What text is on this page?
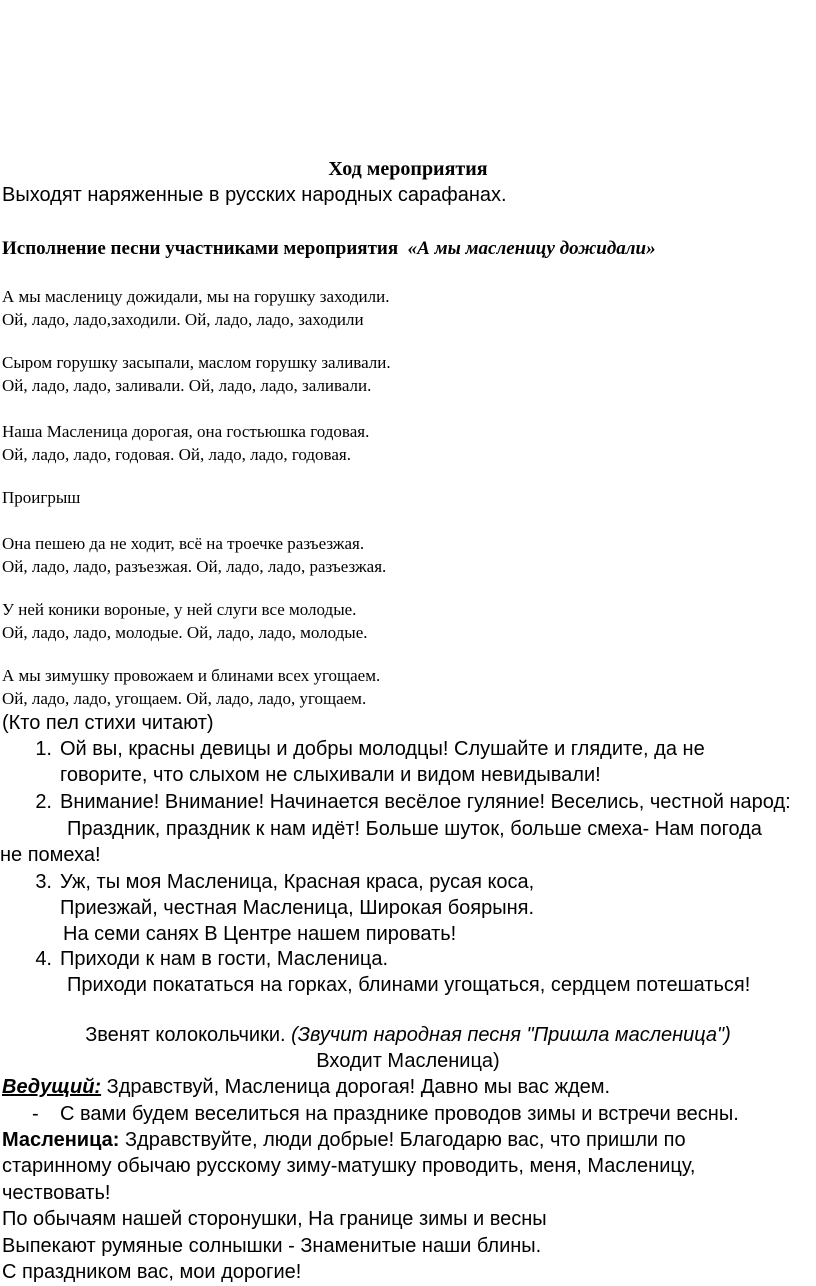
Ход мероприятия
Выходят наряженные в русских народных сарафанах.
Исполнение песни участниками мероприятия «А мы масленицу дожидали»
А мы масленицу дожидали, мы на горушку заходили.
Ой, ладо, ладо,заходили. Ой, ладо, ладо, заходили
Сыром горушку засыпали, маслом горушку заливали.
Ой, ладо, ладо, заливали. Ой, ладо, ладо, заливали.
Наша Масленица дорогая, она гостьюшка годовая.
Ой, ладо, ладо, годовая. Ой, ладо, ладо, годовая.
Проигрыш
Она пешею да не ходит, всё на троечке разъезжая.
Ой, ладо, ладо, разъезжая. Ой, ладо, ладо, разъезжая.
У ней коники вороные, у ней слуги все молодые.
Ой, ладо, ладо, молодые. Ой, ладо, ладо, молодые.
А мы зимушку провожаем и блинами всех угощаем.
Ой, ладо, ладо, угощаем. Ой, ладо, ладо, угощаем.
(Кто пел стихи читают)
1. Ой вы, красны девицы и добры молодцы! Слушайте и глядите, да не
говорите, что слыхом не слыхивали и видом невидывали!
2. Внимание! Внимание! Начинается весёлое гуляние! Веселись, честной народ:
Праздник, праздник к нам идёт! Больше шуток, больше смеха- Нам погода
не помеха!
3. Уж, ты моя Масленица, Красная краса, русая коса,
Приезжай, честная Масленица, Широкая боярыня.
На семи санях В Центре нашем пировать!
4. Приходи к нам в гости, Масленица.
Приходи покататься на горках, блинами угощаться, сердцем потешаться!
Звенят колокольчики. (Звучит народная песня "Пришла масленица")
Входит Масленица)
Ведущий: Здравствуй, Масленица дорогая! Давно мы вас ждем.
- С вами будем веселиться на празднике проводов зимы и встречи весны.
Масленица: Здравствуйте, люди добрые! Благодарю вас, что пришли по
старинному обычаю русскому зиму-матушку проводить, меня, Масленицу,
чествовать!
По обычаям нашей сторонушки, На границе зимы и весны
Выпекают румяные солнышки - Знаменитые наши блины.
С праздником вас, мои дорогие!
